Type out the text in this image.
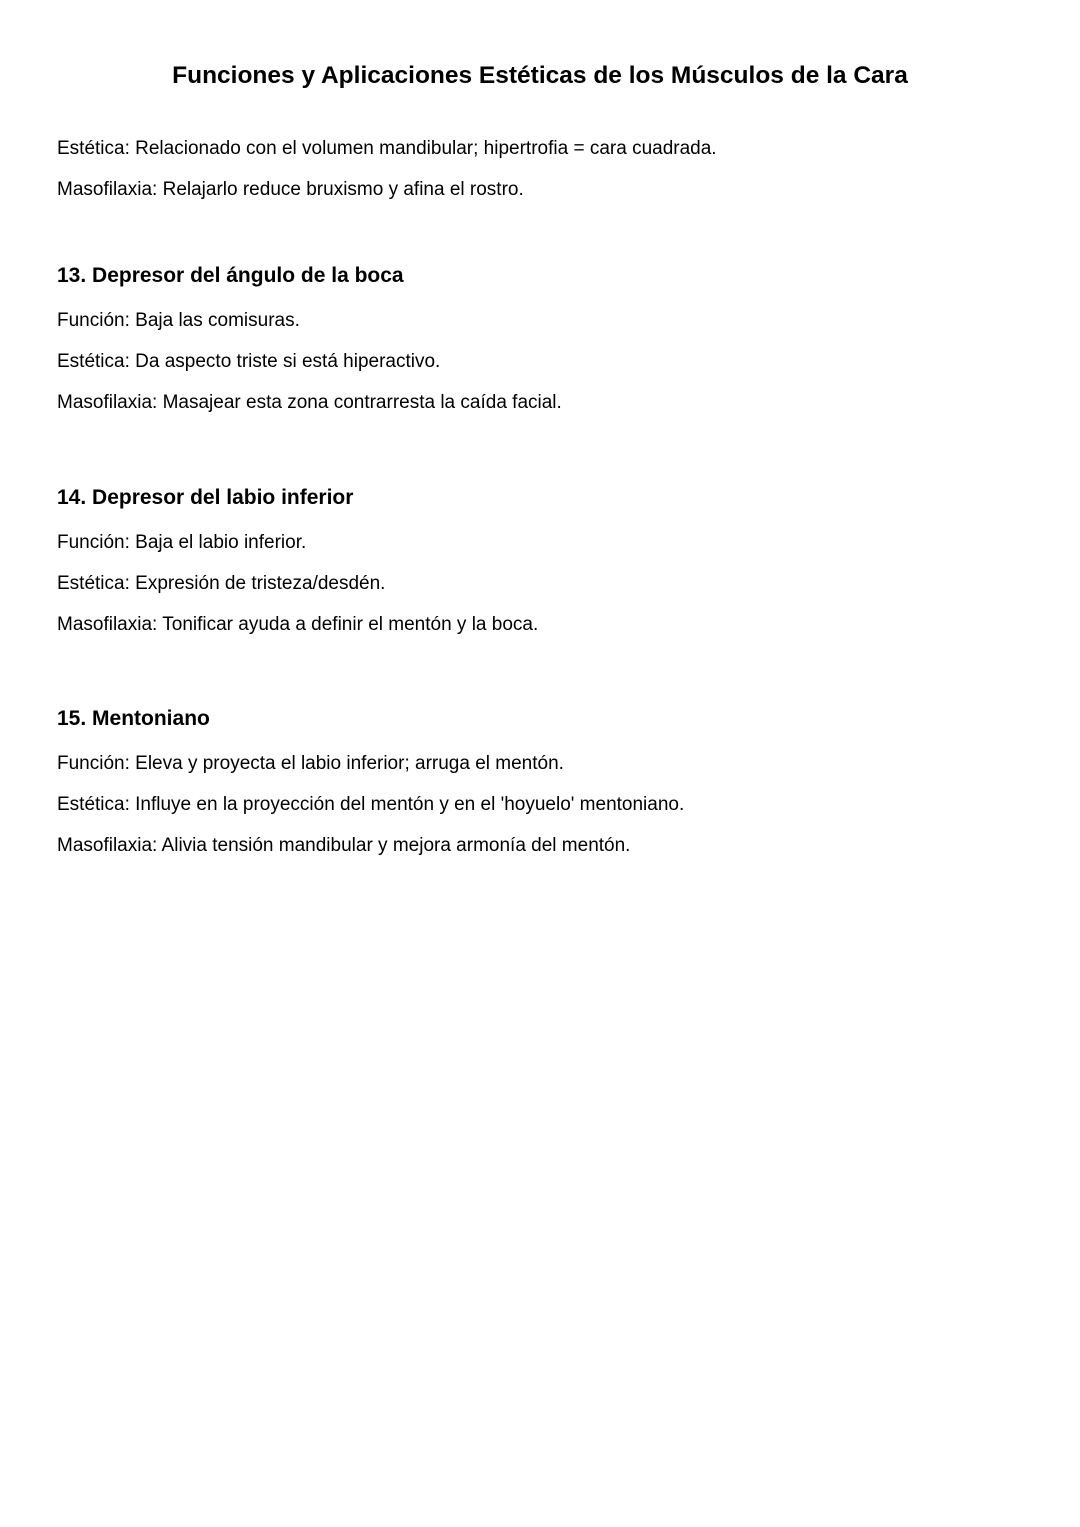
Funciones y Aplicaciones Estéticas de los Músculos de la Cara

Estética: Relacionado con el volumen mandibular; hipertrofia = cara cuadrada.

Masofilaxia: Relajarlo reduce bruxismo y afina el rostro.

13. Depresor del ángulo de la boca

Función: Baja las comisuras.

Estética: Da aspecto triste si está hiperactivo.

Masofilaxia: Masajear esta zona contrarresta la caída facial.

14. Depresor del labio inferior

Función: Baja el labio inferior.

Estética: Expresión de tristeza/desdén.

Masofilaxia: Tonificar ayuda a definir el mentón y la boca.

15. Mentoniano

Función: Eleva y proyecta el labio inferior; arruga el mentón.

Estética: Influye en la proyección del mentón y en el 'hoyuelo' mentoniano.

Masofilaxia: Alivia tensión mandibular y mejora armonía del mentón.
